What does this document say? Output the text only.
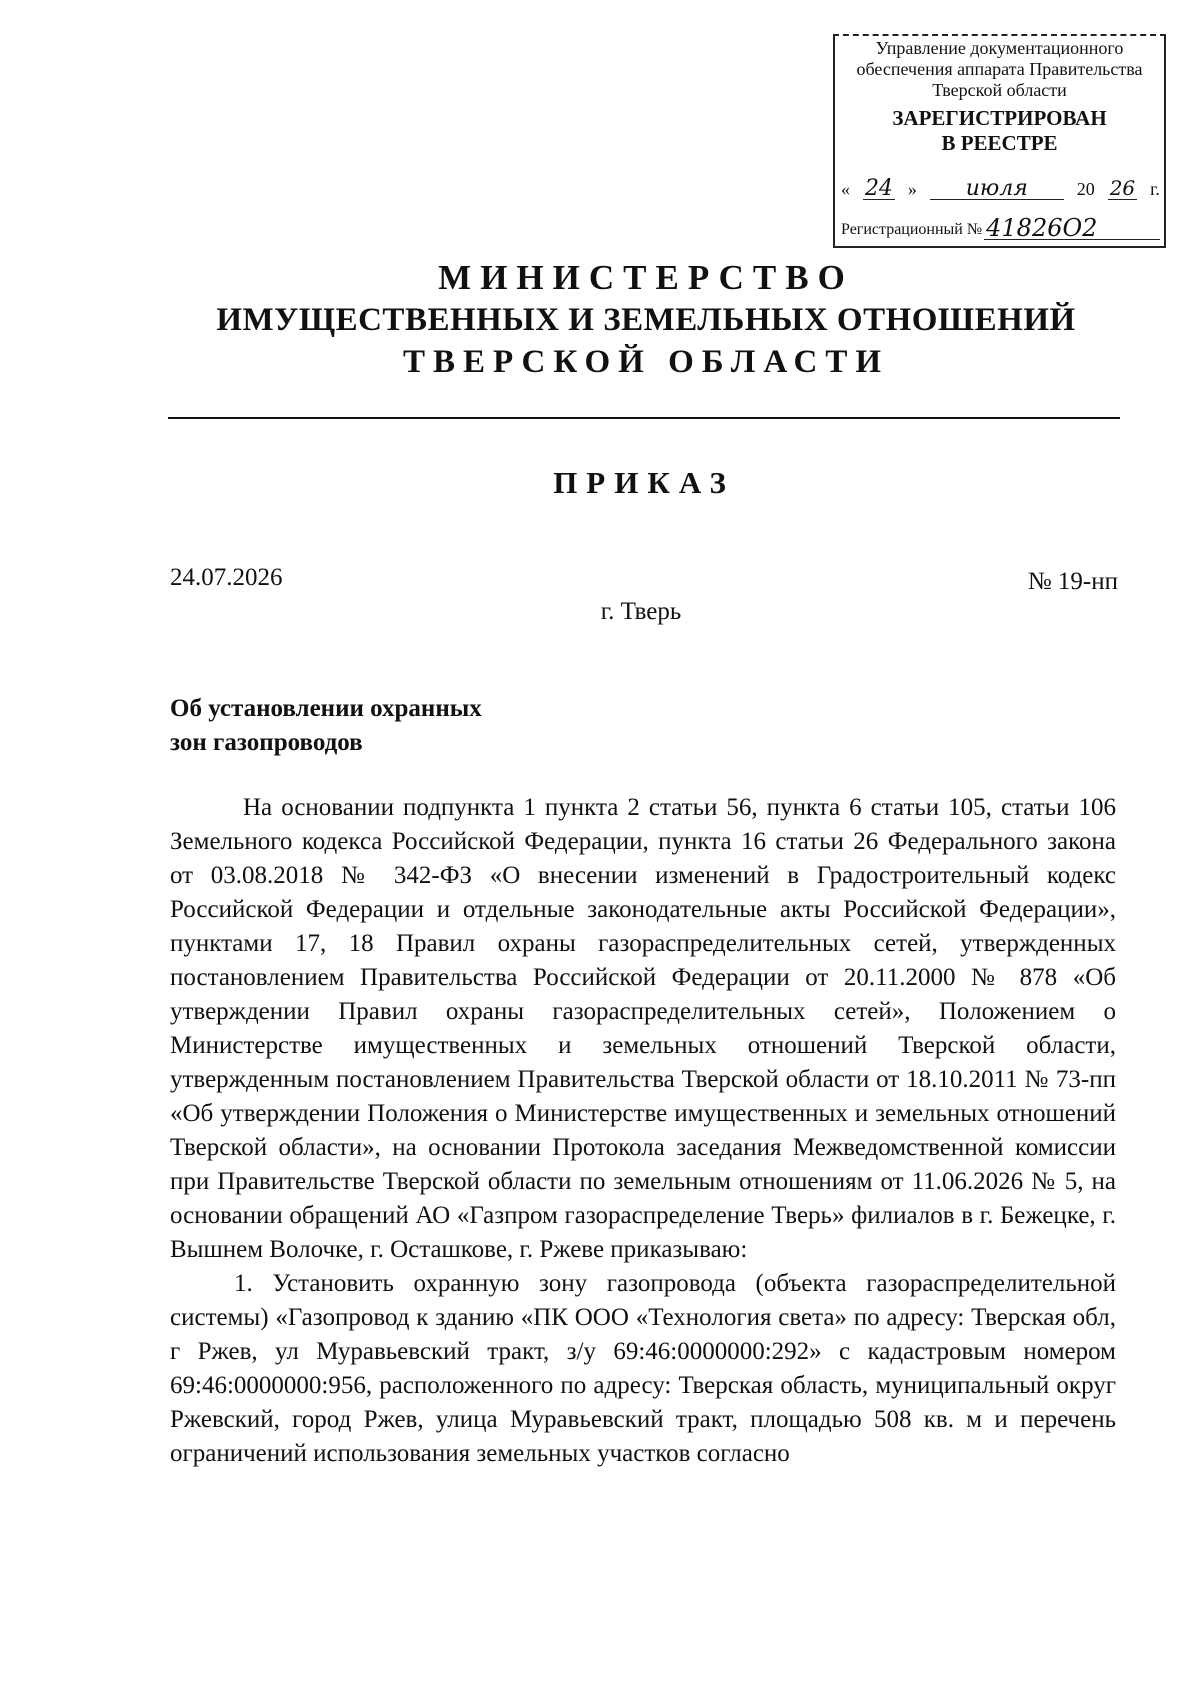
Управление документационного обеспечения аппарата Правительства Тверской области
ЗАРЕГИСТРИРОВАН
В РЕЕСТРЕ
« 24 »	июля	20 26 г.
Регистрационный № 41826О2
МИНИСТЕРСТВО
ИМУЩЕСТВЕННЫХ И ЗЕМЕЛЬНЫХ ОТНОШЕНИЙ
ТВЕРСКОЙ ОБЛАСТИ
ПРИКАЗ
24.07.2026	№ 19-нп
г. Тверь
Об установлении охранных
зон газопроводов

На основании подпункта 1 пункта 2 статьи 56, пункта 6 статьи 105, статьи 106 Земельного кодекса Российской Федерации, пункта 16 статьи 26 Федерального закона от 03.08.2018 № 342-ФЗ «О внесении изменений в Градостроительный кодекс Российской Федерации и отдельные законодательные акты Российской Федерации», пунктами 17, 18 Правил охраны газораспределительных сетей, утвержденных постановлением Правительства Российской Федерации от 20.11.2000 № 878 «Об утверждении Правил охраны газораспределительных сетей», Положением о Министерстве имущественных и земельных отношений Тверской области, утвержденным постановлением Правительства Тверской области от 18.10.2011 № 73-пп «Об утверждении Положения о Министерстве имущественных и земельных отношений Тверской области», на основании Протокола заседания Межведомственной комиссии при Правительстве Тверской области по земельным отношениям от 11.06.2026 № 5, на основании обращений АО «Газпром газораспределение Тверь» филиалов в г. Бежецке, г. Вышнем Волочке, г. Осташкове, г. Ржеве приказываю:

1. Установить охранную зону газопровода (объекта газораспределительной системы) «Газопровод к зданию «ПК ООО «Технология света» по адресу: Тверская обл, г Ржев, ул Муравьевский тракт, з/у 69:46:0000000:292» с кадастровым номером 69:46:0000000:956, расположенного по адресу: Тверская область, муниципальный округ Ржевский, город Ржев, улица Муравьевский тракт, площадью 508 кв. м и перечень ограничений использования земельных участков согласно
